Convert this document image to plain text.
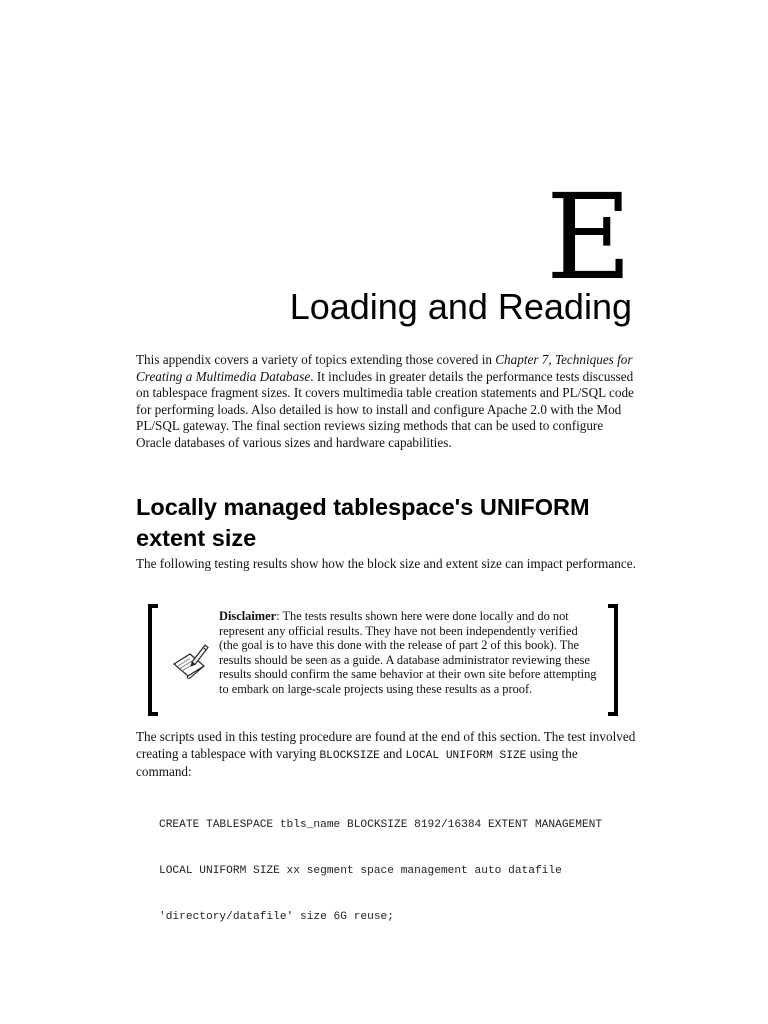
E
Loading and Reading

This appendix covers a variety of topics extending those covered in Chapter 7, Techniques for Creating a Multimedia Database. It includes in greater details the performance tests discussed on tablespace fragment sizes. It covers multimedia table creation statements and PL/SQL code for performing loads. Also detailed is how to install and configure Apache 2.0 with the Mod PL/SQL gateway. The final section reviews sizing methods that can be used to configure Oracle databases of various sizes and hardware capabilities.

Locally managed tablespace's UNIFORM extent size

The following testing results show how the block size and extent size can impact performance.

Disclaimer: The tests results shown here were done locally and do not represent any official results. They have not been independently verified (the goal is to have this done with the release of part 2 of this book). The results should be seen as a guide. A database administrator reviewing these results should confirm the same behavior at their own site before attempting to embark on large-scale projects using these results as a proof.

The scripts used in this testing procedure are found at the end of this section. The test involved creating a tablespace with varying BLOCKSIZE and LOCAL UNIFORM SIZE using the command:

CREATE TABLESPACE tbls_name BLOCKSIZE 8192/16384 EXTENT MANAGEMENT

LOCAL UNIFORM SIZE xx segment space management auto datafile

'directory/datafile' size 6G reuse;
